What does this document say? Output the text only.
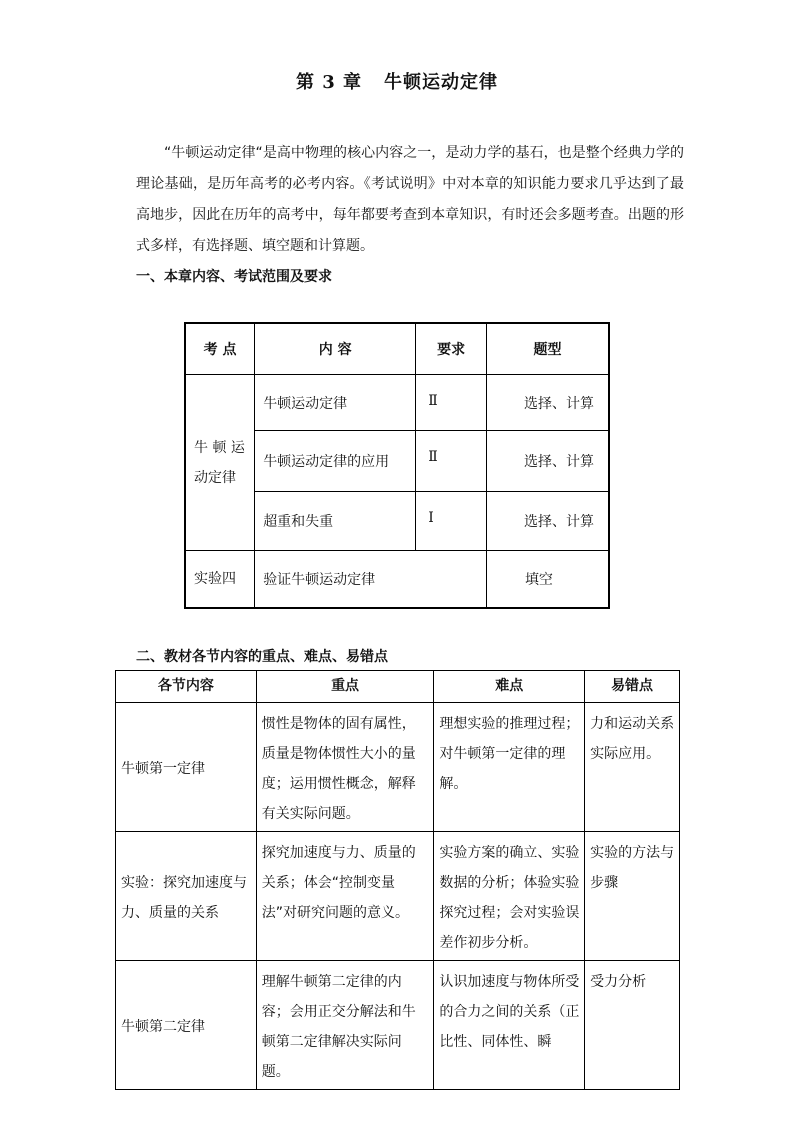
第 3 章 牛顿运动定律
“牛顿运动定律“是高中物理的核心内容之一，是动力学的基石，也是整个经典力学的理论基础，是历年高考的必考内容。《考试说明》中对本章的知识能力要求几乎达到了最高地步，因此在历年的高考中，每年都要考查到本章知识，有时还会多题考查。出题的形式多样，有选择题、填空题和计算题。
一、本章内容、考试范围及要求
考 点	内 容	要求	题型
牛 顿 运动定律	牛顿运动定律	Ⅱ	选择、计算
	牛顿运动定律的应用	Ⅱ	选择、计算
	超重和失重	Ⅰ	选择、计算
实验四	验证牛顿运动定律		填空
二、教材各节内容的重点、难点、易错点
各节内容	重点	难点	易错点
牛顿第一定律	惯性是物体的固有属性，质量是物体惯性大小的量度；运用惯性概念，解释有关实际问题。	理想实验的推理过程；对牛顿第一定律的理解。	力和运动关系实际应用。
实验：探究加速度与力、质量的关系	探究加速度与力、质量的关系；体会“控制变量法”对研究问题的意义。	实验方案的确立、实验数据的分析；体验实验探究过程；会对实验误差作初步分析。	实验的方法与步骤
牛顿第二定律	理解牛顿第二定律的内容；会用正交分解法和牛顿第二定律解决实际问题。	认识加速度与物体所受的合力之间的关系（正比性、同体性、瞬	受力分析
